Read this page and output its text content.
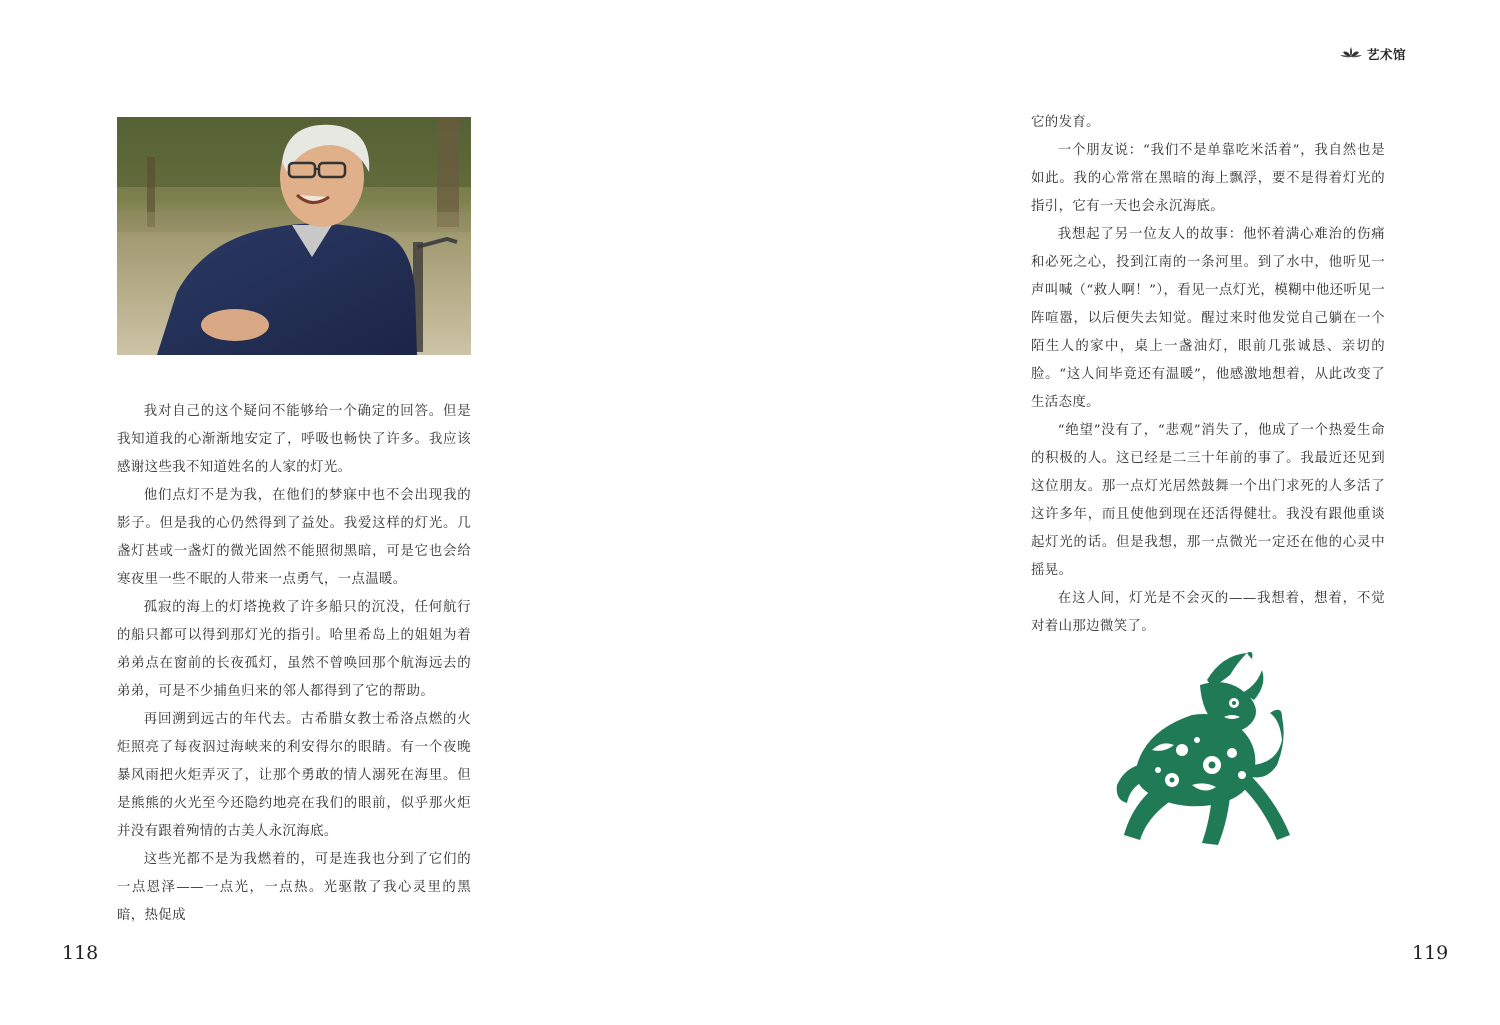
我对自己的这个疑问不能够给一个确定的回答。但是我知道我的心渐渐地安定了，呼吸也畅快了许多。我应该感谢这些我不知道姓名的人家的灯光。

他们点灯不是为我，在他们的梦寐中也不会出现我的影子。但是我的心仍然得到了益处。我爱这样的灯光。几盏灯甚或一盏灯的微光固然不能照彻黑暗，可是它也会给寒夜里一些不眠的人带来一点勇气，一点温暖。

孤寂的海上的灯塔挽救了许多船只的沉没，任何航行的船只都可以得到那灯光的指引。哈里希岛上的姐姐为着弟弟点在窗前的长夜孤灯，虽然不曾唤回那个航海远去的弟弟，可是不少捕鱼归来的邻人都得到了它的帮助。

再回溯到远古的年代去。古希腊女教士希洛点燃的火炬照亮了每夜泅过海峡来的利安得尔的眼睛。有一个夜晚暴风雨把火炬弄灭了，让那个勇敢的情人溺死在海里。但是熊熊的火光至今还隐约地亮在我们的眼前，似乎那火炬并没有跟着殉情的古美人永沉海底。

这些光都不是为我燃着的，可是连我也分到了它们的一点恩泽——一点光，一点热。光驱散了我心灵里的黑暗，热促成

118
艺术馆

它的发育。

一个朋友说：“我们不是单靠吃米活着”，我自然也是如此。我的心常常在黑暗的海上飘浮，要不是得着灯光的指引，它有一天也会永沉海底。

我想起了另一位友人的故事：他怀着满心难治的伤痛和必死之心，投到江南的一条河里。到了水中，他听见一声叫喊（“救人啊！”），看见一点灯光，模糊中他还听见一阵喧嚣，以后便失去知觉。醒过来时他发觉自己躺在一个陌生人的家中，桌上一盏油灯，眼前几张诚恳、亲切的脸。“这人间毕竟还有温暖”，他感激地想着，从此改变了生活态度。

“绝望”没有了，“悲观”消失了，他成了一个热爱生命的积极的人。这已经是二三十年前的事了。我最近还见到这位朋友。那一点灯光居然鼓舞一个出门求死的人多活了这许多年，而且使他到现在还活得健壮。我没有跟他重谈起灯光的话。但是我想，那一点微光一定还在他的心灵中摇晃。

在这人间，灯光是不会灭的——我想着，想着，不觉对着山那边微笑了。

119
